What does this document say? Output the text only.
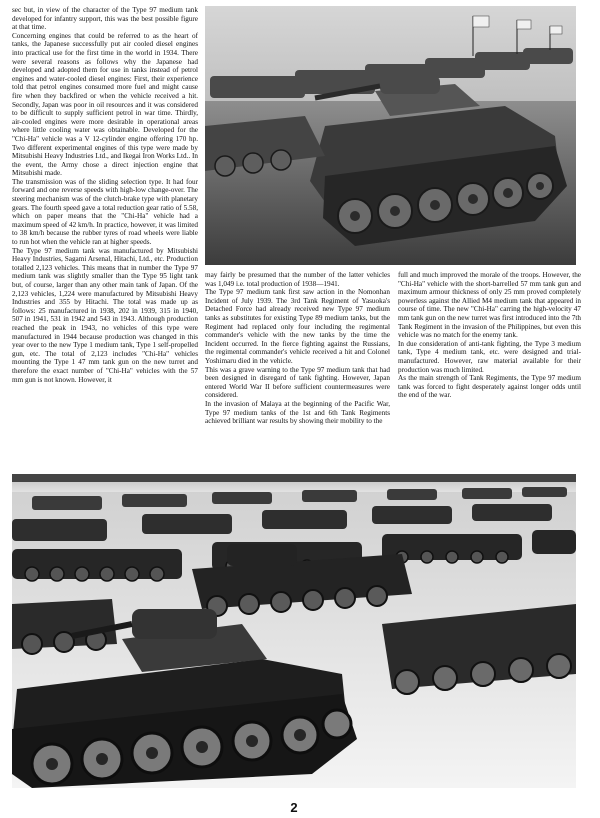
sec but, in view of the character of the Type 97 medium tank developed for infantry support, this was the best possible figure at that time.

Concerning engines that could be referred to as the heart of tanks, the Japanese successfully put air cooled diesel engines into practical use for the first time in the world in 1934. There were several reasons as follows why the Japanese had developed and adopted them for use in tanks instead of petrol engines and water-cooled diesel engines: First, their experience told that petrol engines consumed more fuel and might cause fire when they backfired or when the vehicle received a hit. Secondly, Japan was poor in oil resources and it was considered to be difficult to supply sufficient petrol in war time. Thirdly, air-cooled engines were more desirable in operational areas where little cooling water was obtainable. Developed for the "Chi-Ha" vehicle was a V 12-cylinder engine offering 170 hp. Two different experimental engines of this type were made by Mitsubishi Heavy Industries Ltd., and Ikegai Iron Works Ltd.. In the event, the Army chose a direct injection engine that Mitsubishi made.

The transmission was of the sliding selection type. It had four forward and one reverse speeds with high-low change-over. The steering mechanism was of the clutch-brake type with planetary gears. The fourth speed gave a total reduction gear ratio of 5.58, which on paper means that the "Chi-Ha" vehicle had a maximum speed of 42 km/h. In practice, however, it was limited to 38 km/h because the rubber tyres of road wheels were liable to run hot when the vehicle ran at higher speeds.

The Type 97 medium tank was manufactured by Mitsubishi Heavy Industries, Sagami Arsenal, Hitachi, Ltd., etc. Production totalled 2,123 vehicles. This means that in number the Type 97 medium tank was slightly smaller than the Type 95 light tank but, of course, larger than any other main tank of Japan. Of the 2,123 vehicles, 1,224 were manufactured by Mitsubishi Heavy Industries and 355 by Hitachi. The total was made up as follows: 25 manufactured in 1938, 202 in 1939, 315 in 1940, 507 in 1941, 531 in 1942 and 543 in 1943. Although production reached the peak in 1943, no vehicles of this type were manufactured in 1944 because production was changed in this year over to the new Type 1 medium tank, Type 1 self-propelled gun, etc. The total of 2,123 includes "Chi-Ha" vehicles mounting the Type 1 47 mm tank gun on the new turret and therefore the exact number of "Chi-Ha" vehicles with the 57 mm gun is not known. However, it

may fairly be presumed that the number of the latter vehicles was 1,049 i.e. total production of 1938—1941.

The Type 97 medium tank first saw action in the Nomonhan Incident of July 1939. The 3rd Tank Regiment of Yasuoka's Detached Force had already received new Type 97 medium tanks as substitutes for existing Type 89 medium tanks, but the Regiment had replaced only four including the regimental commander's vehicle with the new tanks by the time the Incident occurred. In the fierce fighting against the Russians, the regimental commander's vehicle received a hit and Colonel Yoshimaru died in the vehicle.

This was a grave warning to the Type 97 medium tank that had been designed in disregard of tank fighting. However, Japan entered World War II before sufficient countermeasures were considered.

In the invasion of Malaya at the beginning of the Pacific War, Type 97 medium tanks of the 1st and 6th Tank Regiments achieved brilliant war results by showing their mobility to the

full and much improved the morale of the troops. However, the "Chi-Ha" vehicle with the short-barrelled 57 mm tank gun and maximum armour thickness of only 25 mm proved completely powerless against the Allied M4 medium tank that appeared in course of time. The new "Chi-Ha" carring the high-velocity 47 mm tank gun on the new turret was first introduced into the 7th Tank Regiment in the invasion of the Philippines, but even this vehicle was no match for the enemy tank.

In due consideration of anti-tank fighting, the Type 3 medium tank, Type 4 medium tank, etc. were designed and trial-manufactured. However, raw material available for their production was much limited.

As the main strength of Tank Regiments, the Type 97 medium tank was forced to fight desperately against longer odds until the end of the war.

2
